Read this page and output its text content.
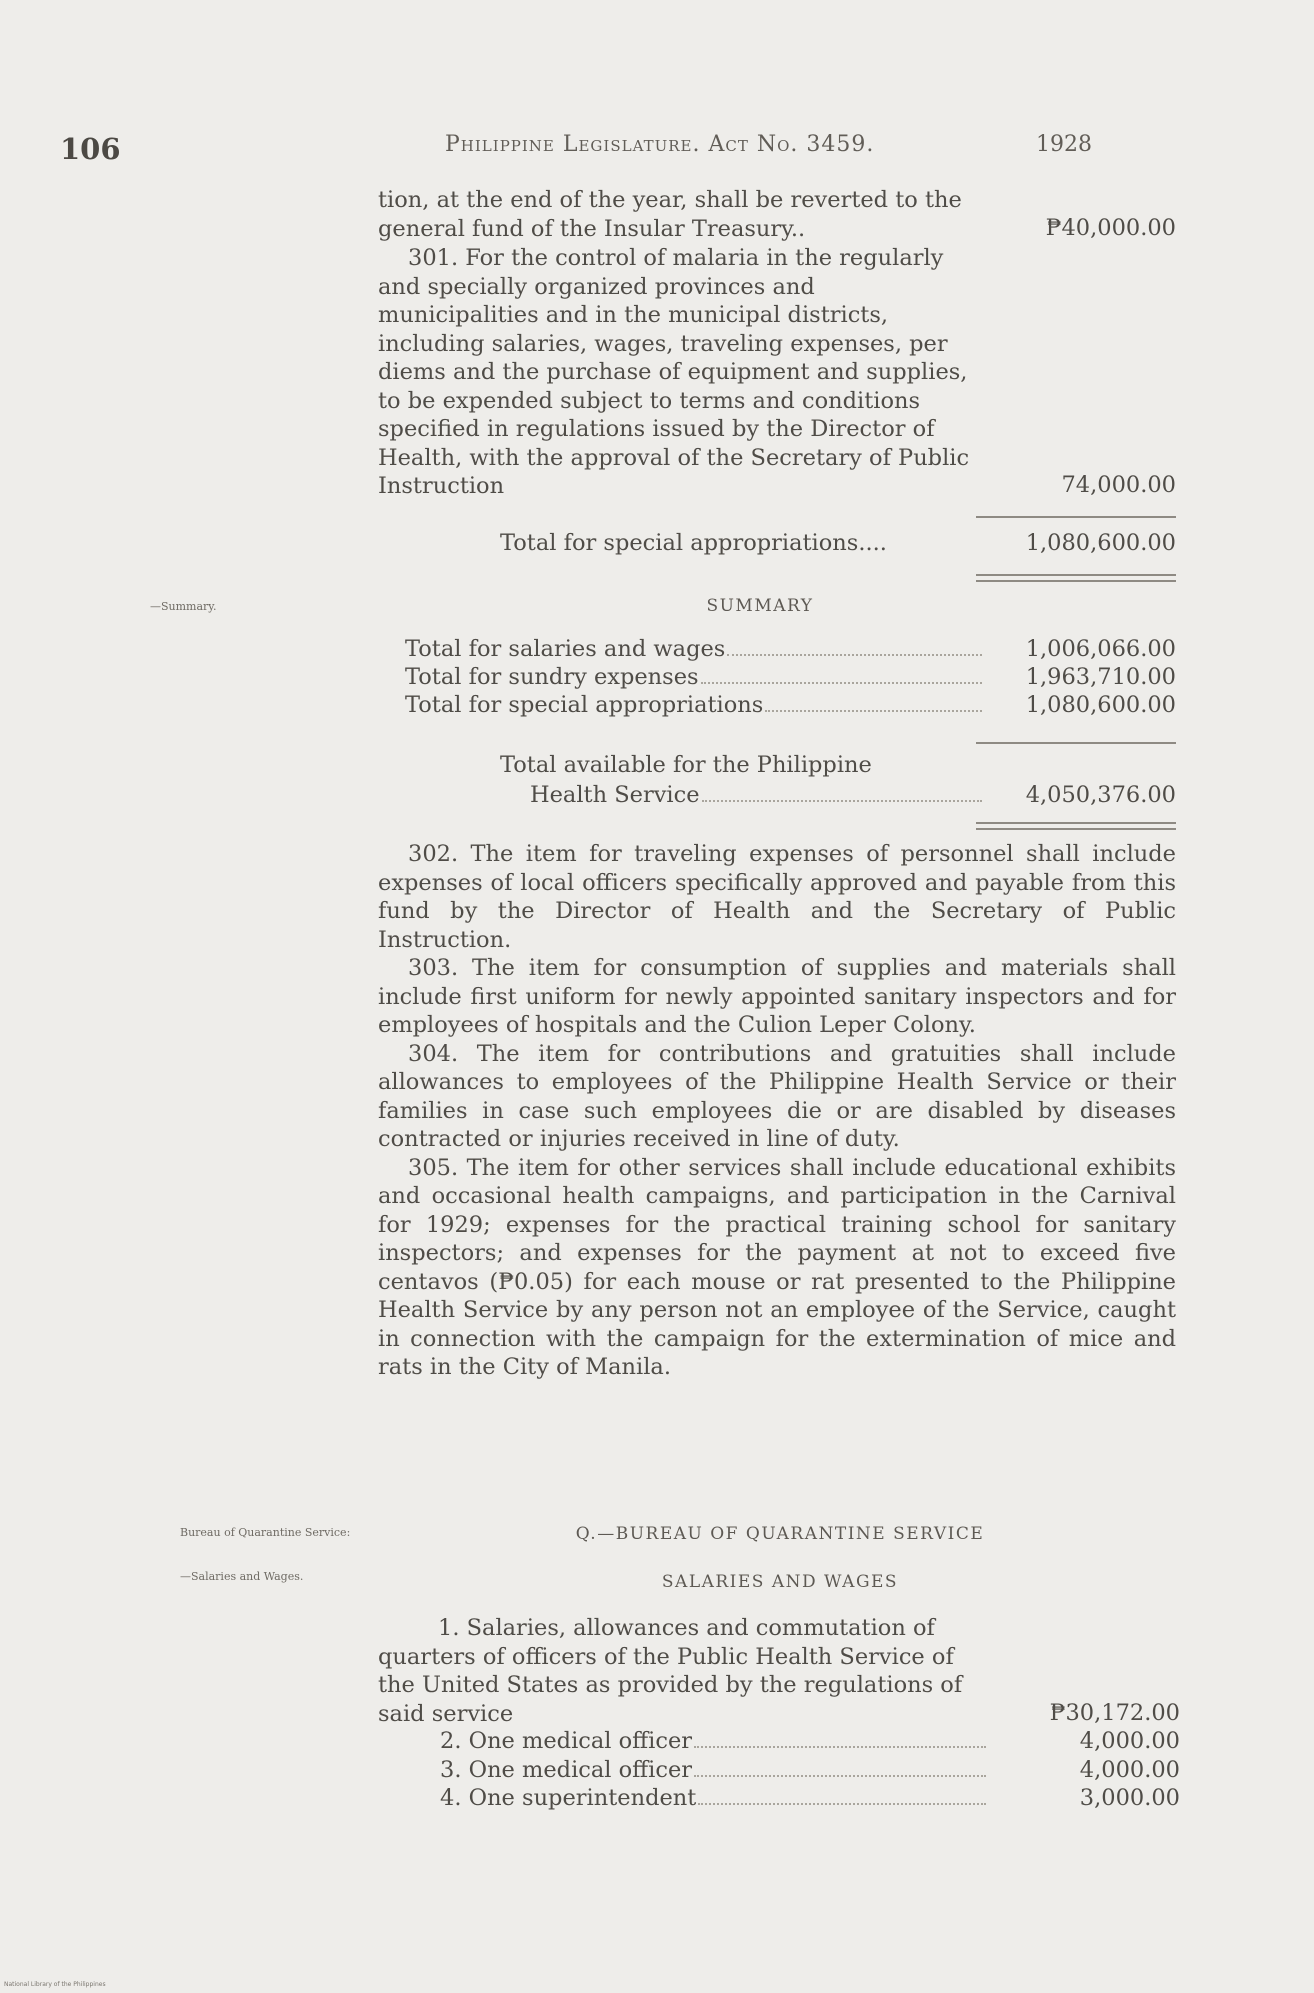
106	Philippine Legislature. Act No. 3459.	1928
tion, at the end of the year, shall be reverted to the general fund of the Insular Treasury..	₱40,000.00
301. For the control of malaria in the regularly and specially organized provinces and municipalities and in the municipal districts, including salaries, wages, traveling expenses, per diems and the purchase of equipment and supplies, to be expended subject to terms and conditions specified in regulations issued by the Director of Health, with the approval of the Secretary of Public Instruction	74,000.00
Total for special appropriations....	1,080,600.00
—Summary.	SUMMARY
Total for salaries and wages	1,006,066.00
Total for sundry expenses	1,963,710.00
Total for special appropriations	1,080,600.00
Total available for the Philippine
Health Service	4,050,376.00

302. The item for traveling expenses of personnel shall include expenses of local officers specifically approved and payable from this fund by the Director of Health and the Secretary of Public Instruction.

303. The item for consumption of supplies and materials shall include first uniform for newly appointed sanitary inspectors and for employees of hospitals and the Culion Leper Colony.

304. The item for contributions and gratuities shall include allowances to employees of the Philippine Health Service or their families in case such employees die or are disabled by diseases contracted or injuries received in line of duty.

305. The item for other services shall include educational exhibits and occasional health campaigns, and participation in the Carnival for 1929; expenses for the practical training school for sanitary inspectors; and expenses for the payment at not to exceed five centavos (₱0.05) for each mouse or rat presented to the Philippine Health Service by any person not an employee of the Service, caught in connection with the campaign for the extermination of mice and rats in the City of Manila.

Bureau of Quarantine Service:
—Salaries and Wages.
Q.—BUREAU OF QUARANTINE SERVICE
SALARIES AND WAGES
1. Salaries, allowances and commutation of quarters of officers of the Public Health Service of the United States as provided by the regulations of said service	₱30,172.00
2. One medical officer	4,000.00
3. One medical officer	4,000.00
4. One superintendent	3,000.00
National Library of the Philippines
